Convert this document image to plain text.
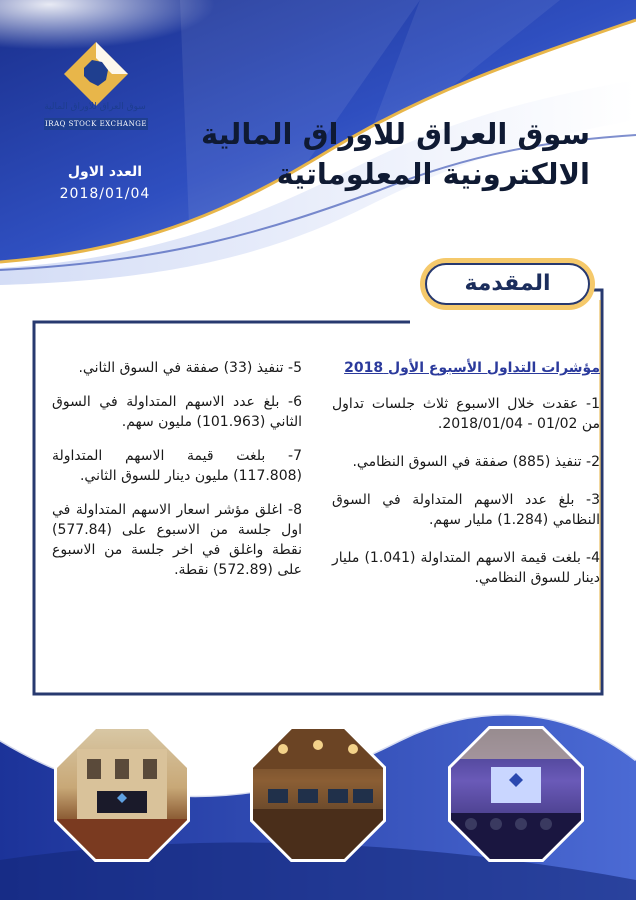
سوق العراق للاوراق المالية
IRAQ STOCK EXCHANGE
العدد الاول
2018/01/04
سوق العراق للاوراق المالية
الالكترونية المعلوماتية
المقدمة
مؤشرات التداول الأسبوع الأول 2018
1- عقدت خلال الاسبوع ثلاث جلسات تداول من 01/02 - 2018/01/04.
2- تنفيذ (885) صفقة في السوق النظامي.
3- بلغ عدد الاسهم المتداولة في السوق النظامي (1.284) مليار سهم.
4- بلغت قيمة الاسهم المتداولة (1.041) مليار دينار للسوق النظامي.
5- تنفيذ (33) صفقة في السوق الثاني.
6- بلغ عدد الاسهم المتداولة في السوق الثاني (101.963) مليون سهم.
7- بلغت قيمة الاسهم المتداولة (117.808) مليون دينار للسوق الثاني.
8- اغلق مؤشر اسعار الاسهم المتداولة في اول جلسة من الاسبوع على (577.84) نقطة واغلق في اخر جلسة من الاسبوع على (572.89) نقطة.
